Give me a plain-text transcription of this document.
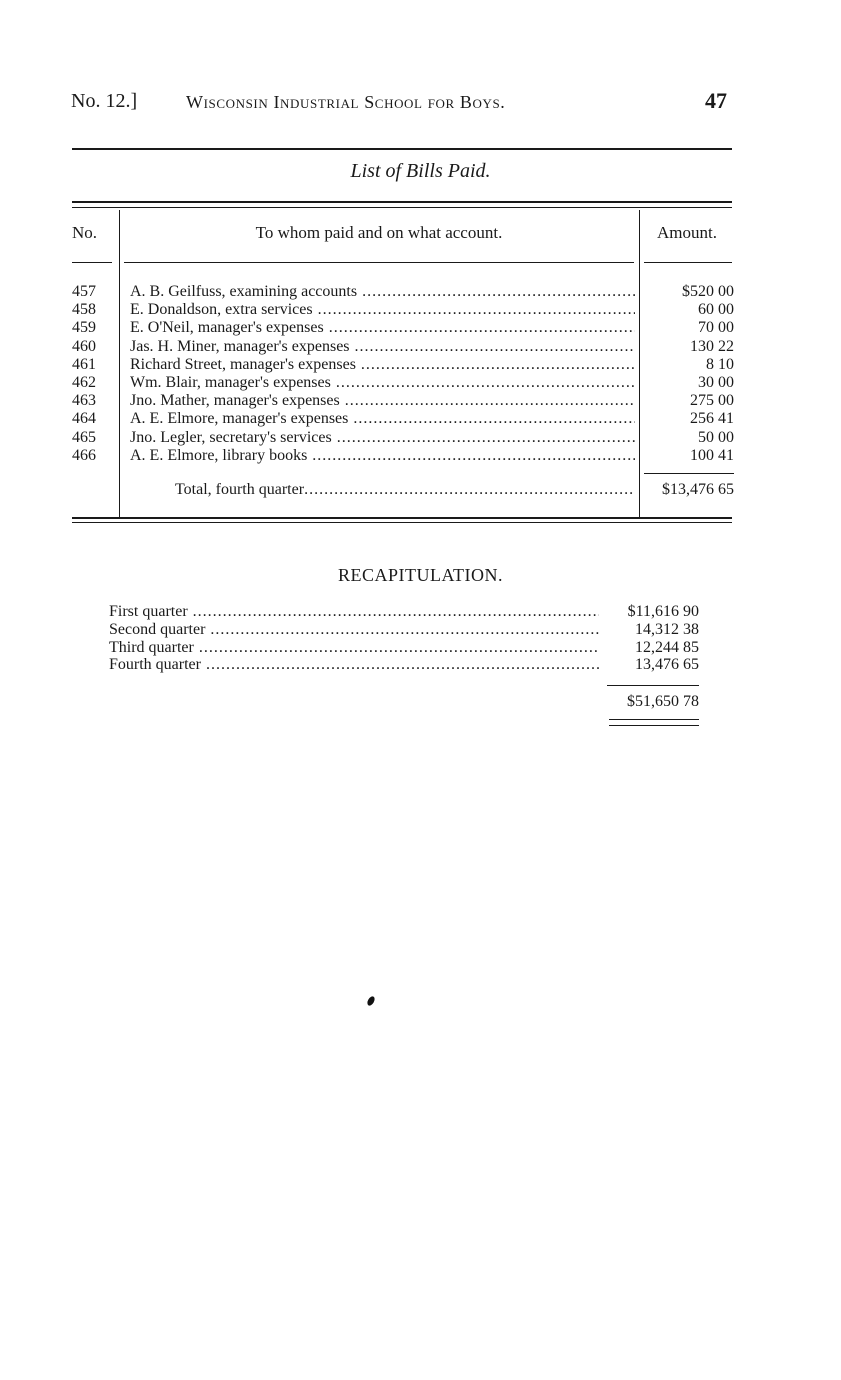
No. 12.]	Wisconsin Industrial School for Boys.	47
List of Bills Paid.
No.	To whom paid and on what account.	Amount.
457 A. B. Geilfuss, examining accounts .....	$520 00
458 E. Donaldson, extra services .....	60 00
459 E. O'Neil, manager's expenses .....	70 00
460 Jas. H. Miner, manager's expenses .....	130 22
461 Richard Street, manager's expenses .....	8 10
462 Wm. Blair, manager's expenses .....	30 00
463 Jno. Mather, manager's expenses .....	275 00
464 A. E. Elmore, manager's expenses .....	256 41
465 Jno. Legler, secretary's services .....	50 00
466 A. E. Elmore, library books .....	100 41
Total, fourth quarter .....	$13,476 65
RECAPITULATION.
First quarter .....	$11,616 90
Second quarter .....	14,312 38
Third quarter .....	12,244 85
Fourth quarter .....	13,476 65
$51,650 78
